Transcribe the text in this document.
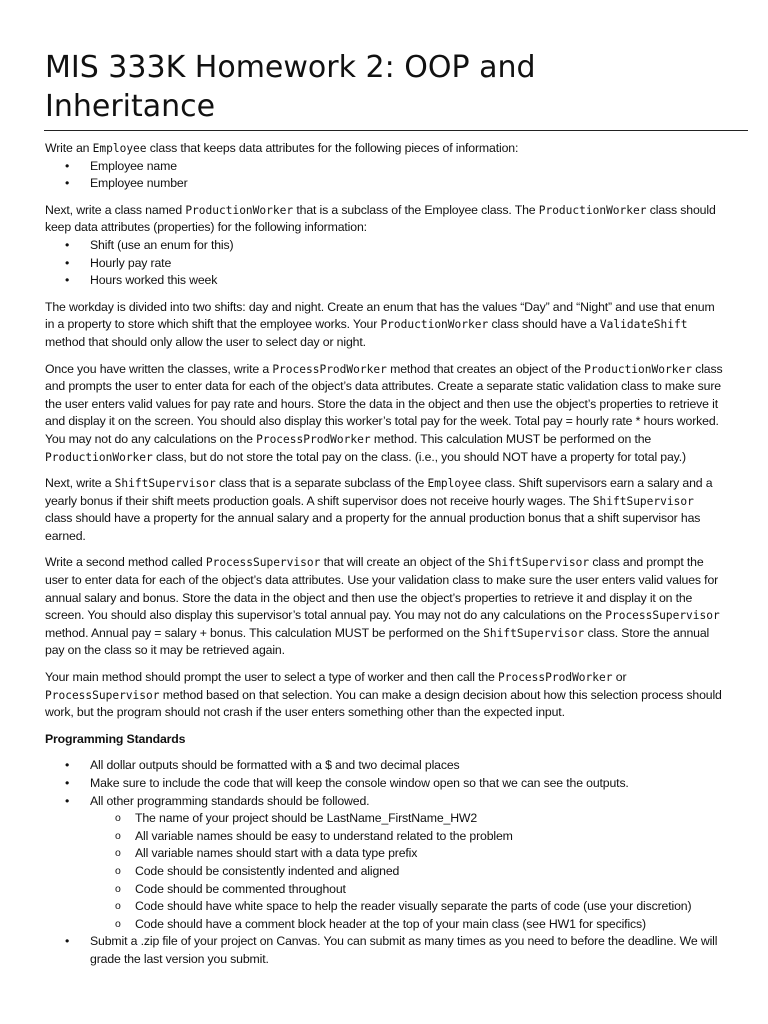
MIS 333K Homework 2: OOP and
Inheritance

Write an Employee class that keeps data attributes for the following pieces of information:

• Employee name
• Employee number

Next, write a class named ProductionWorker that is a subclass of the Employee class. The ProductionWorker class should keep data attributes (properties) for the following information:

• Shift (use an enum for this)
• Hourly pay rate
• Hours worked this week

The workday is divided into two shifts: day and night. Create an enum that has the values “Day” and “Night” and use that enum in a property to store which shift that the employee works. Your ProductionWorker class should have a ValidateShift method that should only allow the user to select day or night.

Once you have written the classes, write a ProcessProdWorker method that creates an object of the ProductionWorker class and prompts the user to enter data for each of the object’s data attributes. Create a separate static validation class to make sure the user enters valid values for pay rate and hours. Store the data in the object and then use the object’s properties to retrieve it and display it on the screen. You should also display this worker’s total pay for the week. Total pay = hourly rate * hours worked. You may not do any calculations on the ProcessProdWorker method. This calculation MUST be performed on the ProductionWorker class, but do not store the total pay on the class. (i.e., you should NOT have a property for total pay.)

Next, write a ShiftSupervisor class that is a separate subclass of the Employee class. Shift supervisors earn a salary and a yearly bonus if their shift meets production goals. A shift supervisor does not receive hourly wages. The ShiftSupervisor class should have a property for the annual salary and a property for the annual production bonus that a shift supervisor has earned.

Write a second method called ProcessSupervisor that will create an object of the ShiftSupervisor class and prompt the user to enter data for each of the object’s data attributes. Use your validation class to make sure the user enters valid values for annual salary and bonus. Store the data in the object and then use the object’s properties to retrieve it and display it on the screen. You should also display this supervisor’s total annual pay. You may not do any calculations on the ProcessSupervisor method. Annual pay = salary + bonus. This calculation MUST be performed on the ShiftSupervisor class. Store the annual pay on the class so it may be retrieved again.

Your main method should prompt the user to select a type of worker and then call the ProcessProdWorker or ProcessSupervisor method based on that selection. You can make a design decision about how this selection process should work, but the program should not crash if the user enters something other than the expected input.

Programming Standards

• All dollar outputs should be formatted with a $ and two decimal places
• Make sure to include the code that will keep the console window open so that we can see the outputs.
• All other programming standards should be followed.
o The name of your project should be LastName_FirstName_HW2
o All variable names should be easy to understand related to the problem
o All variable names should start with a data type prefix
o Code should be consistently indented and aligned
o Code should be commented throughout
o Code should have white space to help the reader visually separate the parts of code (use your discretion)
o Code should have a comment block header at the top of your main class (see HW1 for specifics)
• Submit a .zip file of your project on Canvas. You can submit as many times as you need to before the deadline. We will grade the last version you submit.
